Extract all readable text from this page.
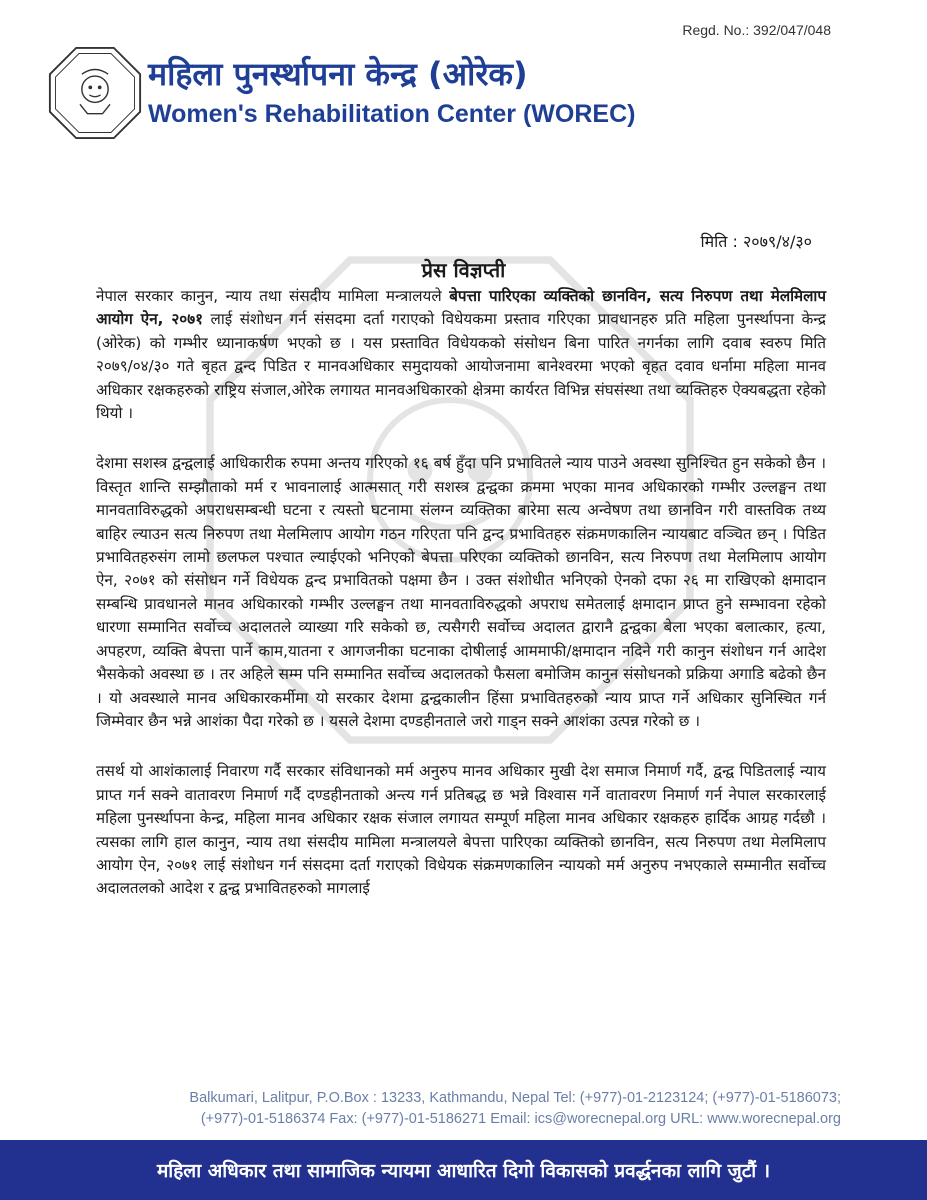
Regd. No.: 392/047/048
महिला पुनर्स्थापना केन्द्र (ओरेक)
Women's Rehabilitation Center (WOREC)
मिति : २०७९/४/३०
प्रेस विज्ञप्ती

नेपाल सरकार कानुन, न्याय तथा संसदीय मामिला मन्त्रालयले बेपत्ता पारिएका व्यक्तिको छानविन, सत्य निरुपण तथा मेलमिलाप आयोग ऐन, २०७१ लाई संशोधन गर्न संसदमा दर्ता गराएको विधेयकमा प्रस्ताव गरिएका प्रावधानहरु प्रति महिला पुनर्स्थापना केन्द्र (ओरेक) को गम्भीर ध्यानाकर्षण भएको छ । यस प्रस्तावित विधेयकको संसोधन बिना पारित नगर्नका लागि दवाब स्वरुप मिति २०७९/०४/३० गते बृहत द्वन्द पिडित र मानवअधिकार समुदायको आयोजनामा बानेश्वरमा भएको बृहत दवाव धर्नामा महिला मानव अधिकार रक्षकहरुको राष्ट्रिय संजाल,ओरेक लगायत मानवअधिकारको क्षेत्रमा कार्यरत विभिन्न संघसंस्था तथा व्यक्तिहरु ऐक्यबद्धता रहेको थियो ।

देशमा सशस्त्र द्वन्द्वलाई आधिकारीक रुपमा अन्तय गरिएको १६ बर्ष हुँदा पनि प्रभावितले न्याय पाउने अवस्था सुनिश्चित हुन सकेको छैन । विस्तृत शान्ति सम्झौताको मर्म र भावनालाई आत्मसात् गरी सशस्त्र द्वन्द्वका क्रममा भएका मानव अधिकारको गम्भीर उल्लङ्घन तथा मानवताविरुद्धको अपराधसम्बन्धी घटना र त्यस्तो घटनामा संलग्न व्यक्तिका बारेमा सत्य अन्वेषण तथा छानविन गरी वास्तविक तथ्य बाहिर ल्याउन सत्य निरुपण तथा मेलमिलाप आयोग गठन गरिएता पनि द्वन्द प्रभावितहरु संक्रमणकालिन न्यायबाट वञ्चित छन् । पिडित प्रभावितहरुसंग लामो छलफल पश्चात ल्याईएको भनिएको बेपत्ता परिएका व्यक्तिको छानविन, सत्य निरुपण तथा मेलमिलाप आयोग ऐन, २०७१ को संसोधन गर्ने विधेयक द्वन्द प्रभावितको पक्षमा छैन । उक्त संशोधीत भनिएको ऐनको दफा २६ मा राखिएको क्षमादान सम्बन्धि प्रावधानले मानव अधिकारको गम्भीर उल्लङ्घन तथा मानवताविरुद्धको अपराध समेतलाई क्षमादान प्राप्त हुने सम्भावना रहेको धारणा सम्मानित सर्वोच्च अदालतले व्याख्या गरि सकेको छ, त्यसैगरी सर्वोच्च अदालत द्वारानै द्वन्द्वका बेला भएका बलात्कार, हत्या, अपहरण, व्यक्ति बेपत्ता पार्ने काम,यातना र आगजनीका घटनाका दोषीलाई आममाफी/क्षमादान नदिने गरी कानुन संशोधन गर्न आदेश भैसकेको अवस्था छ । तर अहिले सम्म पनि सम्मानित सर्वोच्च अदालतको फैसला बमोजिम कानुन संसोधनको प्रक्रिया अगाडि बढेको छैन । यो अवस्थाले मानव अधिकारकर्मीमा यो सरकार देशमा द्वन्द्वकालीन हिंसा प्रभावितहरुको न्याय प्राप्त गर्ने अधिकार सुनिस्चित गर्न जिम्मेवार छैन भन्ने आशंका पैदा गरेको छ । यसले देशमा दण्डहीनताले जरो गाड्न सक्ने आशंका उत्पन्न गरेको छ ।

तसर्थ यो आशंकालाई निवारण गर्दै सरकार संविधानको मर्म अनुरुप मानव अधिकार मुखी देश समाज निमार्ण गर्दै, द्वन्द्व पिडितलाई न्याय प्राप्त गर्न सक्ने वातावरण निमार्ण गर्दै दण्डहीनताको अन्त्य गर्न प्रतिबद्ध छ भन्ने विश्वास गर्ने वातावरण निमार्ण गर्न नेपाल सरकारलाई महिला पुनर्स्थापना केन्द्र, महिला मानव अधिकार रक्षक संजाल लगायत सम्पूर्ण महिला मानव अधिकार रक्षकहरु हार्दिक आग्रह गर्दछौ । त्यसका लागि हाल कानुन, न्याय तथा संसदीय मामिला मन्त्रालयले बेपत्ता पारिएका व्यक्तिको छानविन, सत्य निरुपण तथा मेलमिलाप आयोग ऐन, २०७१ लाई संशोधन गर्न संसदमा दर्ता गराएको विधेयक संक्रमणकालिन न्यायको मर्म अनुरुप नभएकाले सम्मानीत सर्वोच्च अदालतलको आदेश र द्वन्द्व प्रभावितहरुको मागलाई

Balkumari, Lalitpur, P.O.Box : 13233, Kathmandu, Nepal Tel: (+977)-01-2123124; (+977)-01-5186073;
(+977)-01-5186374 Fax: (+977)-01-5186271 Email: ics@worecnepal.org URL: www.worecnepal.org
महिला अधिकार तथा सामाजिक न्यायमा आधारित दिगो विकासको प्रवर्द्धनका लागि जुटौं ।
